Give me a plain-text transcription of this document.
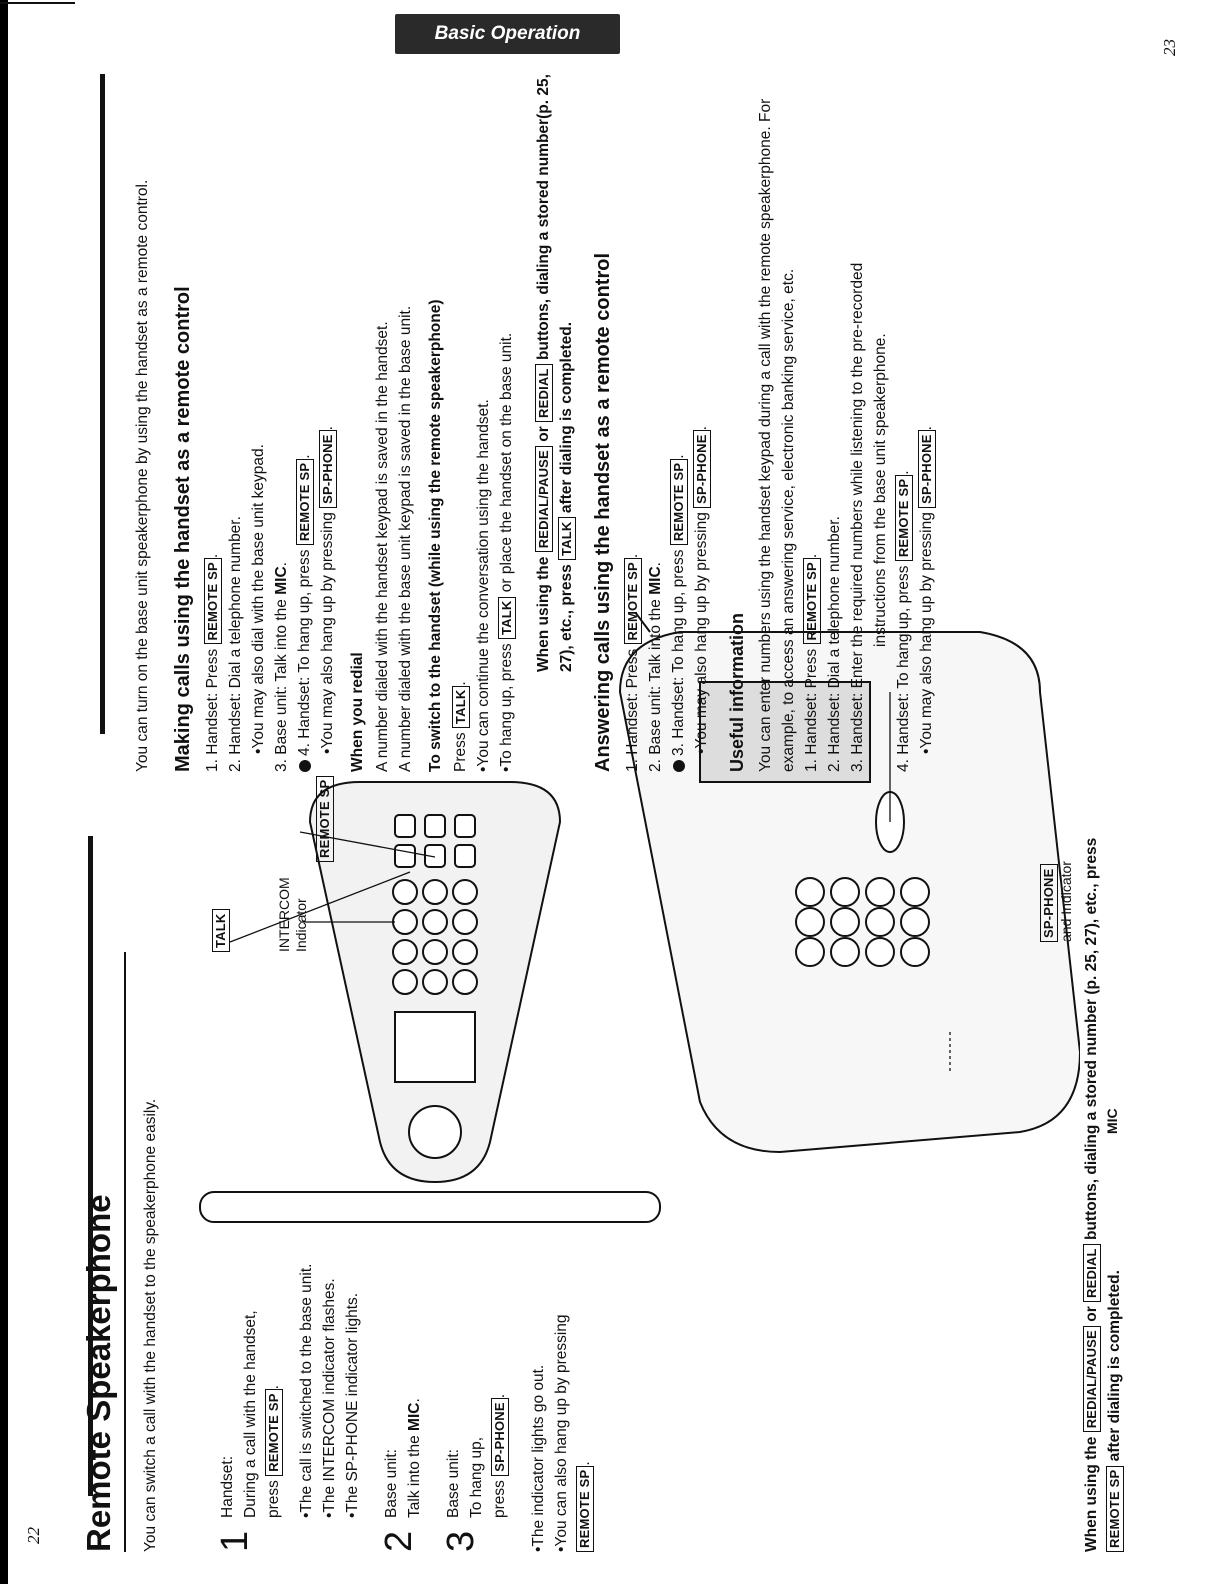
Basic Operation
22
23
Remote Speakerphone You can switch a call with the handset to the speakerphone easily. 1
Handset: During a call with the handset, press REMOTE SP. • The call is switched to the base unit. • The INTERCOM indicator flashes. • The SP-PHONE indicator lights.
2
Base unit: Talk into the MIC.
3
Base unit: To hang up, press SP-PHONE. • The indicator lights go out. • You can also hang up by pressing REMOTE SP.
TALK	INTERCOM Indicator
REMOTE SP
SP-PHONE and Indicator
MIC
When using the REDIAL/PAUSE or REDIAL buttons, dialing a stored number (p. 25, 27), etc., press REMOTE SP after dialing is completed.

You can turn on the base unit speakerphone by using the handset as a remote control. Making calls using the handset as a remote control 1. Handset: Press REMOTE SP. 2. Handset: Dial a telephone number. • You may also dial with the base unit keypad. 3. Base unit: Talk into the MIC. 4. Handset: To hang up, press REMOTE SP.

• You may also hang up by pressing SP-PHONE.

When you redial A number dialed with the handset keypad is saved in the handset. A number dialed with the base unit keypad is saved in the base unit. To switch to the handset (while using the remote speakerphone) Press TALK. • You can continue the conversation using the handset. • To hang up, press TALK or place the handset on the base unit.

When using the REDIAL/PAUSE or REDIAL buttons, dialing a stored number(p. 25, 27), etc., press TALK after dialing is completed. Answering calls using the handset as a remote control 1. Handset: Press REMOTE SP.

2. Base unit: Talk into the MIC. 3. Handset: To hang up, press REMOTE SP.

• You may also hang up by pressing SP-PHONE.

Useful information You can enter numbers using the handset keypad during a call with the remote speakerphone. For example, to access an answering service, electronic banking service, etc. 1. Handset: Press REMOTE SP. 2. Handset: Dial a telephone number. 3. Handset: Enter the required numbers while listening to the pre-recorded instructions from the base unit speakerphone.

4. Handset: To hang up, press REMOTE SP.

• You may also hang up by pressing SP-PHONE.
